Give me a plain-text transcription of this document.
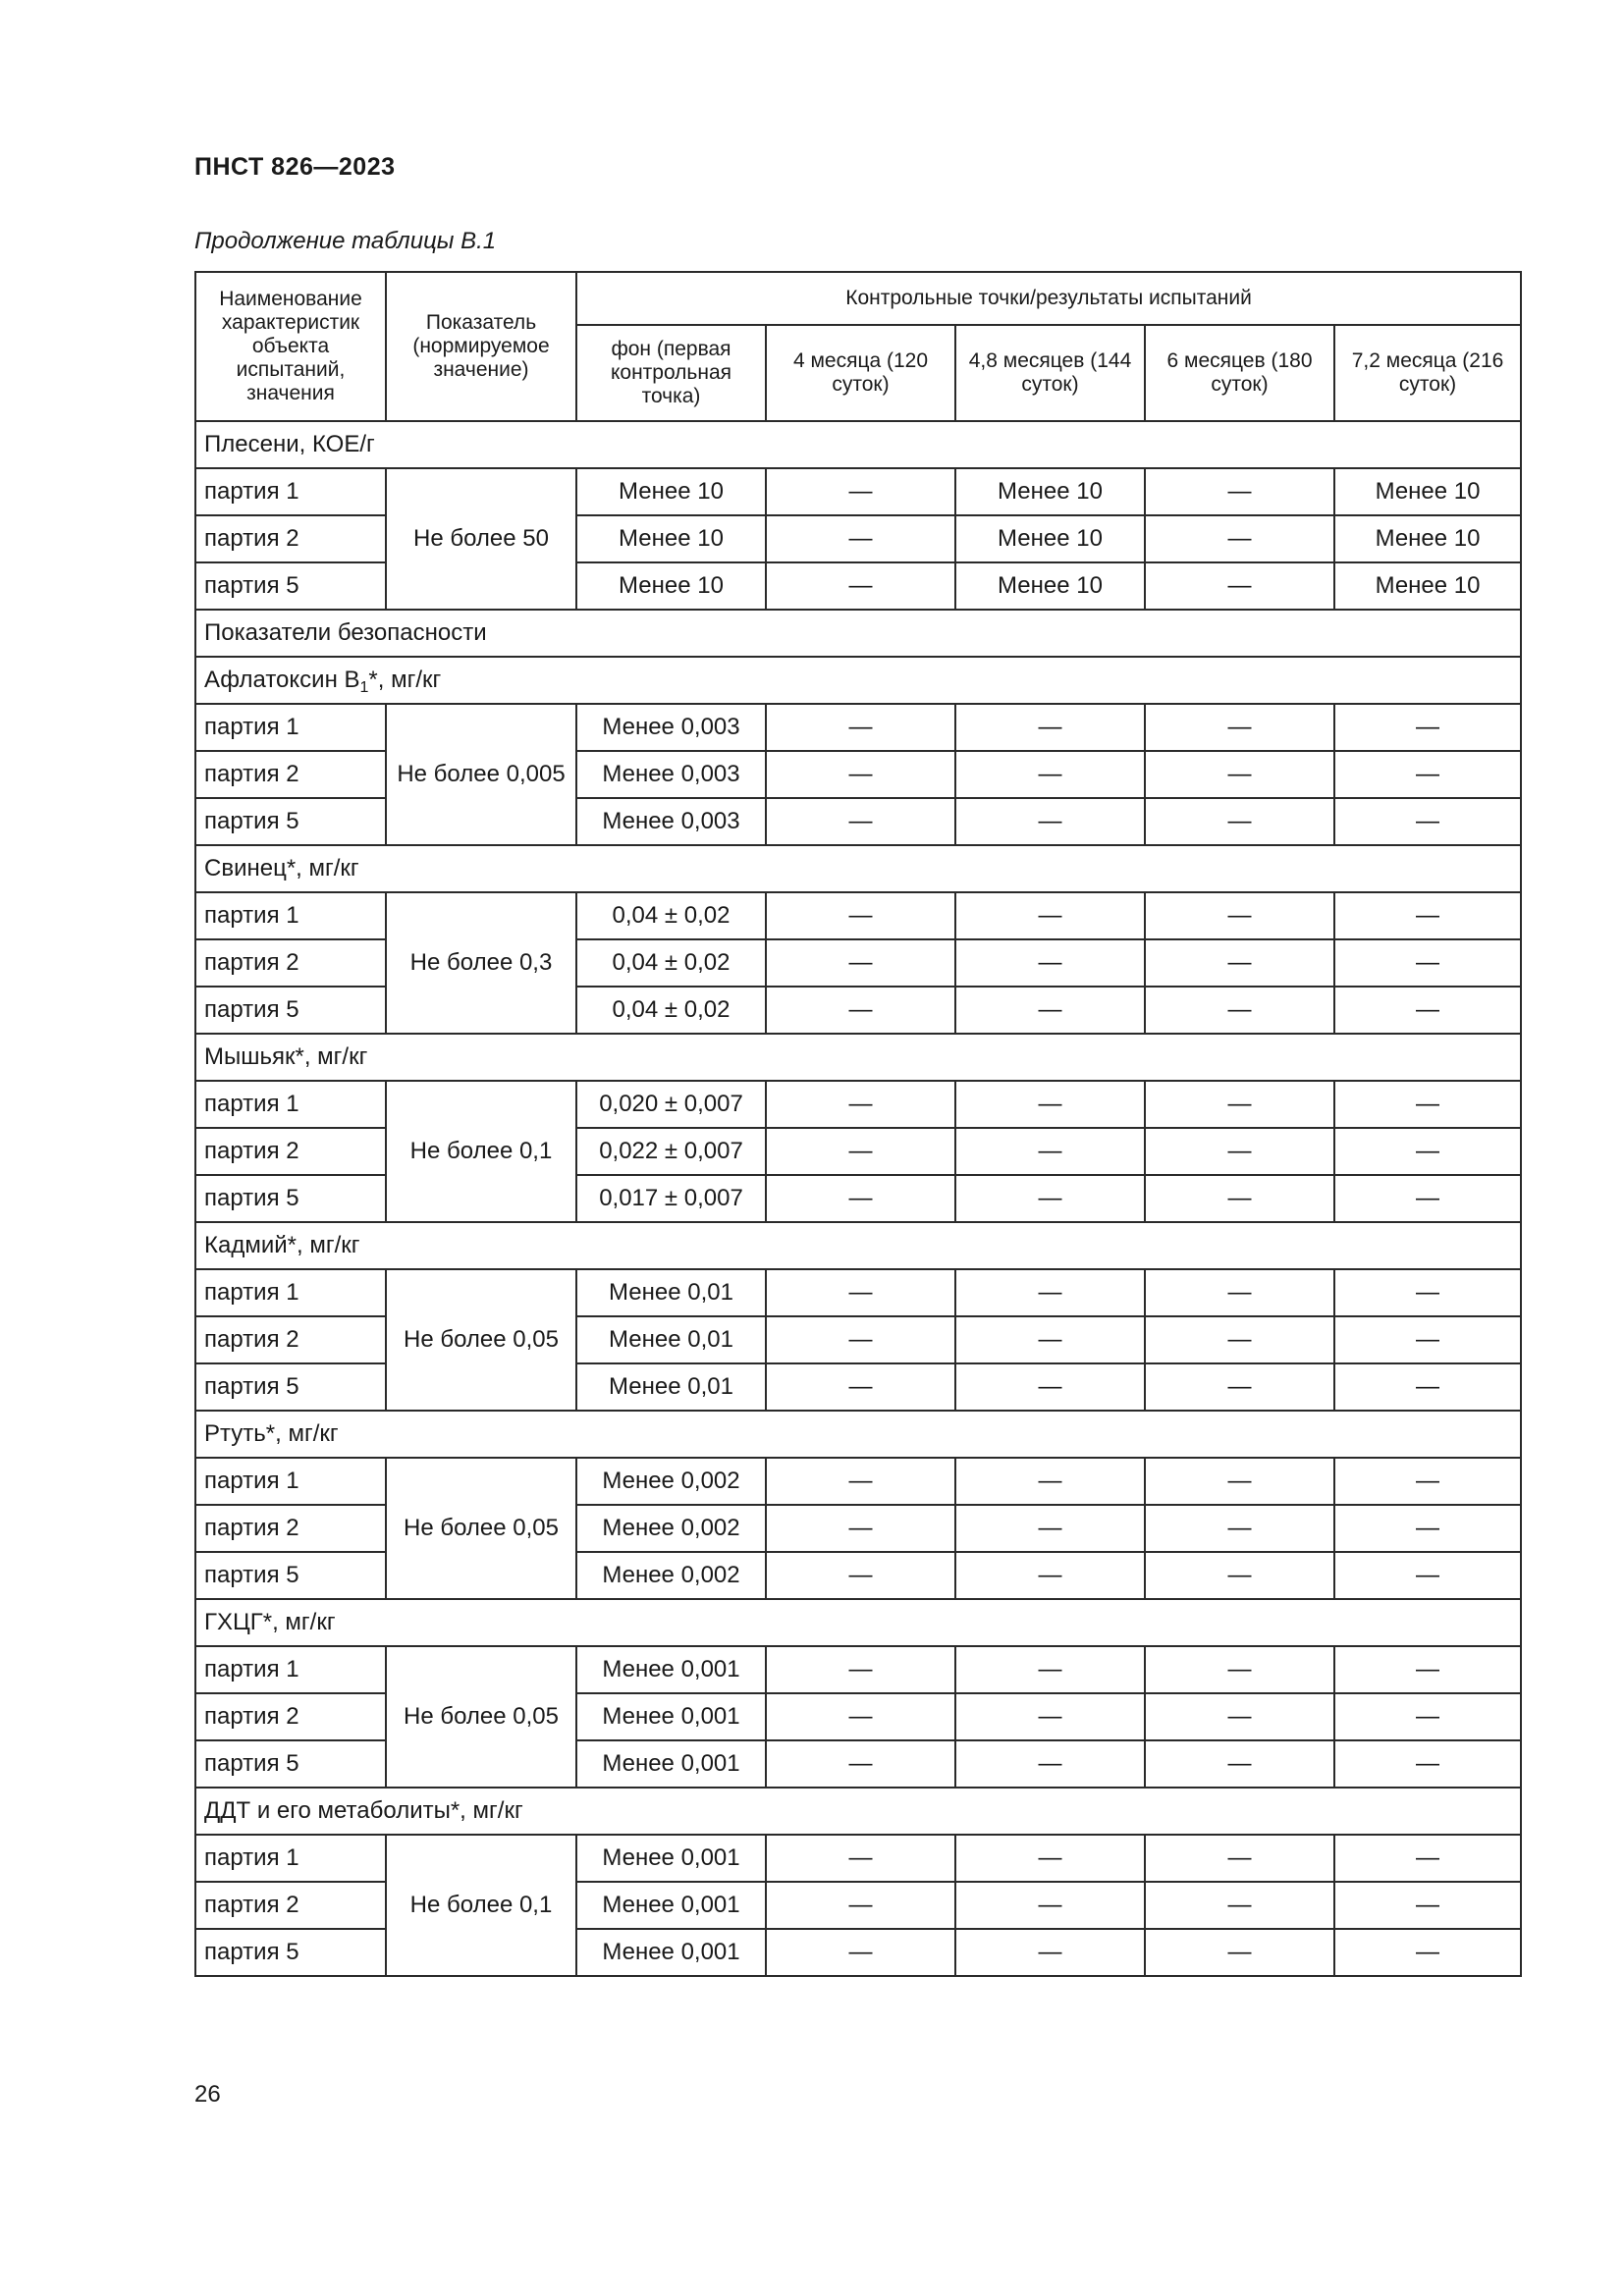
ПНСТ 826—2023
Продолжение таблицы В.1
Наименование характеристик объекта испытаний, значения	Показатель (нормируемое значение)	Контрольные точки/результаты испытаний				
		фон (первая контрольная точка)	4 месяца (120 суток)	4,8 месяцев (144 суток)	6 месяцев (180 суток)	7,2 месяца (216 суток)
Плесени, КОЕ/г						
партия 1	Не более 50	Менее 10	—	Менее 10	—	Менее 10
партия 2		Менее 10	—	Менее 10	—	Менее 10
партия 5		Менее 10	—	Менее 10	—	Менее 10
Показатели безопасности						
Афлатоксин $В_1*$, мг/кг						
партия 1	Не более 0,005	Менее 0,003	—	—	—	—
партия 2		Менее 0,003	—	—	—	—
партия 5		Менее 0,003	—	—	—	—
Свинец*, мг/кг						
партия 1	Не более 0,3	0,04 ± 0,02	—	—	—	—
партия 2		0,04 ± 0,02	—	—	—	—
партия 5		0,04 ± 0,02	—	—	—	—
Мышьяк*, мг/кг						
партия 1	Не более 0,1	0,020 ± 0,007	—	—	—	—
партия 2		0,022 ± 0,007	—	—	—	—
партия 5		0,017 ± 0,007	—	—	—	—
Кадмий*, мг/кг						
партия 1	Не более 0,05	Менее 0,01	—	—	—	—
партия 2		Менее 0,01	—	—	—	—
партия 5		Менее 0,01	—	—	—	—
Ртуть*, мг/кг						
партия 1	Не более 0,05	Менее 0,002	—	—	—	—
партия 2		Менее 0,002	—	—	—	—
партия 5		Менее 0,002	—	—	—	—
ГХЦГ*, мг/кг						
партия 1	Не более 0,05	Менее 0,001	—	—	—	—
партия 2		Менее 0,001	—	—	—	—
партия 5		Менее 0,001	—	—	—	—
ДДТ и его метаболиты*, мг/кг						
партия 1	Не более 0,1	Менее 0,001	—	—	—	—
партия 2		Менее 0,001	—	—	—	—
партия 5		Менее 0,001	—	—	—	—
26
